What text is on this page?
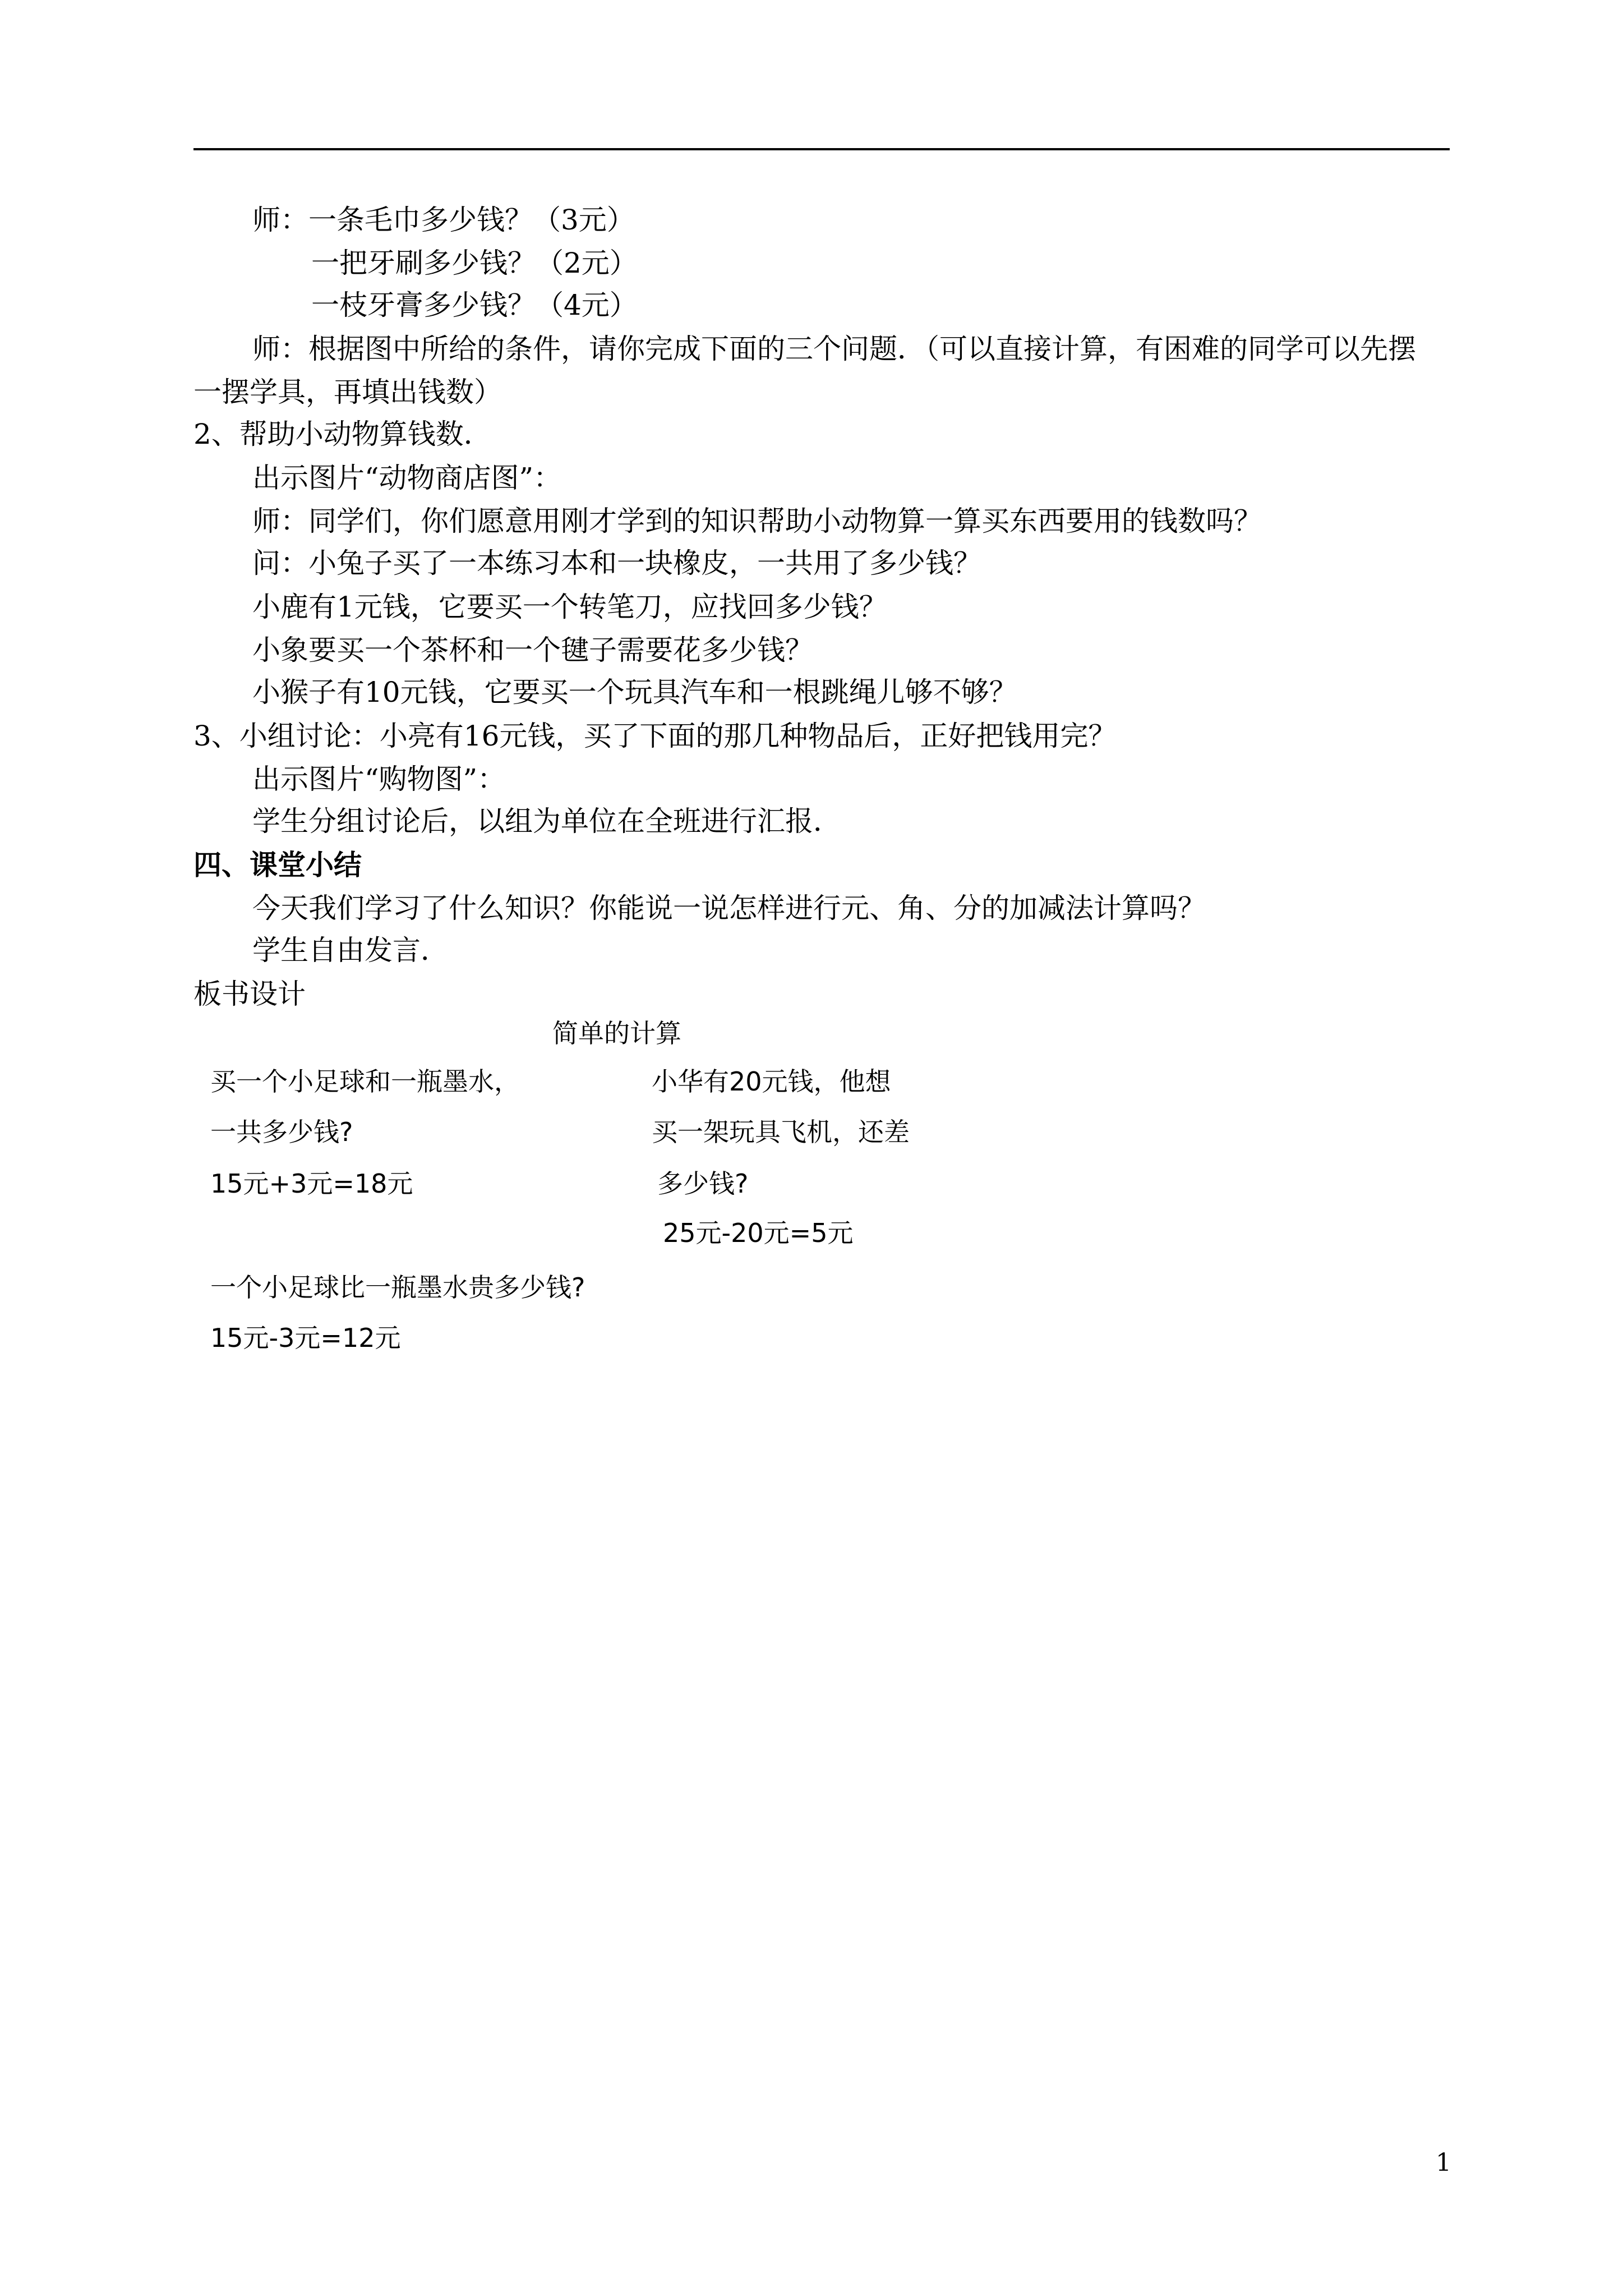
师：一条毛巾多少钱？（3元）
一把牙刷多少钱？（2元）
一枝牙膏多少钱？（4元）
师：根据图中所给的条件，请你完成下面的三个问题．（可以直接计算，有困难的同学可以先摆
一摆学具，再填出钱数）
2、帮助小动物算钱数．
出示图片“动物商店图”：
师：同学们，你们愿意用刚才学到的知识帮助小动物算一算买东西要用的钱数吗？
问：小兔子买了一本练习本和一块橡皮，一共用了多少钱？
小鹿有1元钱，它要买一个转笔刀，应找回多少钱？
小象要买一个茶杯和一个毽子需要花多少钱？
小猴子有10元钱，它要买一个玩具汽车和一根跳绳儿够不够？
3、小组讨论：小亮有16元钱，买了下面的那几种物品后，正好把钱用完？
出示图片“购物图”：
学生分组讨论后，以组为单位在全班进行汇报．
四、课堂小结
今天我们学习了什么知识？你能说一说怎样进行元、角、分的加减法计算吗？
学生自由发言．
板书设计
简单的计算
买一个小足球和一瓶墨水，
一共多少钱?
15元+3元=18元
一个小足球比一瓶墨水贵多少钱?
15元-3元=12元
小华有20元钱，他想
买一架玩具飞机，还差
多少钱?
25元-20元=5元
1
